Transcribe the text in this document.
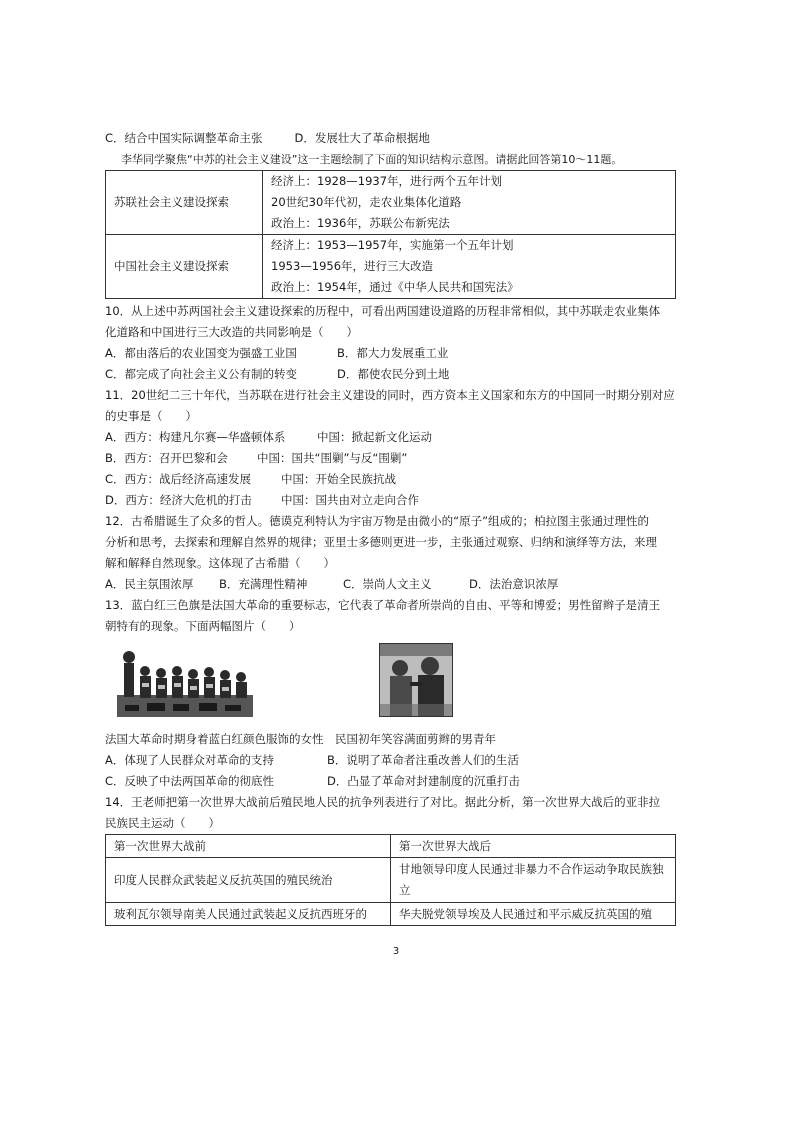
C．结合中国实际调整革命主张	D．发展壮大了革命根据地
李华同学聚焦“中苏的社会主义建设”这一主题绘制了下面的知识结构示意图。请据此回答第10～11题。
苏联社会主义建设探索	经济上：1928—1937年，进行两个五年计划
20世纪30年代初，走农业集体化道路
政治上：1936年，苏联公布新宪法

中国社会主义建设探索	经济上：1953—1957年，实施第一个五年计划
1953—1956年，进行三大改造
政治上：1954年，通过《中华人民共和国宪法》
10．从上述中苏两国社会主义建设探索的历程中，可看出两国建设道路的历程非常相似，其中苏联走农业集体
化道路和中国进行三大改造的共同影响是（　　）
A．都由落后的农业国变为强盛工业国	B．都大力发展重工业
C．都完成了向社会主义公有制的转变	D．都使农民分到土地
11．20世纪二三十年代，当苏联在进行社会主义建设的同时，西方资本主义国家和东方的中国同一时期分别对应
的史事是（　　）
A．西方：构建凡尔赛—华盛顿体系	中国：掀起新文化运动
B．西方：召开巴黎和会	中国：国共“围剿”与反“围剿”
C．西方：战后经济高速发展	中国：开始全民族抗战
D．西方：经济大危机的打击	中国：国共由对立走向合作
12．古希腊诞生了众多的哲人。德谟克利特认为宇宙万物是由微小的“原子”组成的；柏拉图主张通过理性的
分析和思考，去探索和理解自然界的规律；亚里士多德则更进一步，主张通过观察、归纳和演绎等方法，来理
解和解释自然现象。这体现了古希腊（　　）
A．民主氛围浓厚	B．充满理性精神	C．崇尚人文主义	D．法治意识浓厚
13．蓝白红三色旗是法国大革命的重要标志，它代表了革命者所崇尚的自由、平等和博爱；男性留辫子是清王
朝特有的现象。下面两幅图片（　　）
法国大革命时期身着蓝白红颜色服饰的女性　民国初年笑容满面剪辫的男青年
A．体现了人民群众对革命的支持	B．说明了革命者注重改善人们的生活
C．反映了中法两国革命的彻底性	D．凸显了革命对封建制度的沉重打击
14．王老师把第一次世界大战前后殖民地人民的抗争列表进行了对比。据此分析，第一次世界大战后的亚非拉
民族民主运动（　　）
第一次世界大战前	第一次世界大战后
印度人民群众武装起义反抗英国的殖民统治	甘地领导印度人民通过非暴力不合作运动争取民族独立
玻利瓦尔领导南美人民通过武装起义反抗西班牙的	华夫脱党领导埃及人民通过和平示威反抗英国的殖
3
